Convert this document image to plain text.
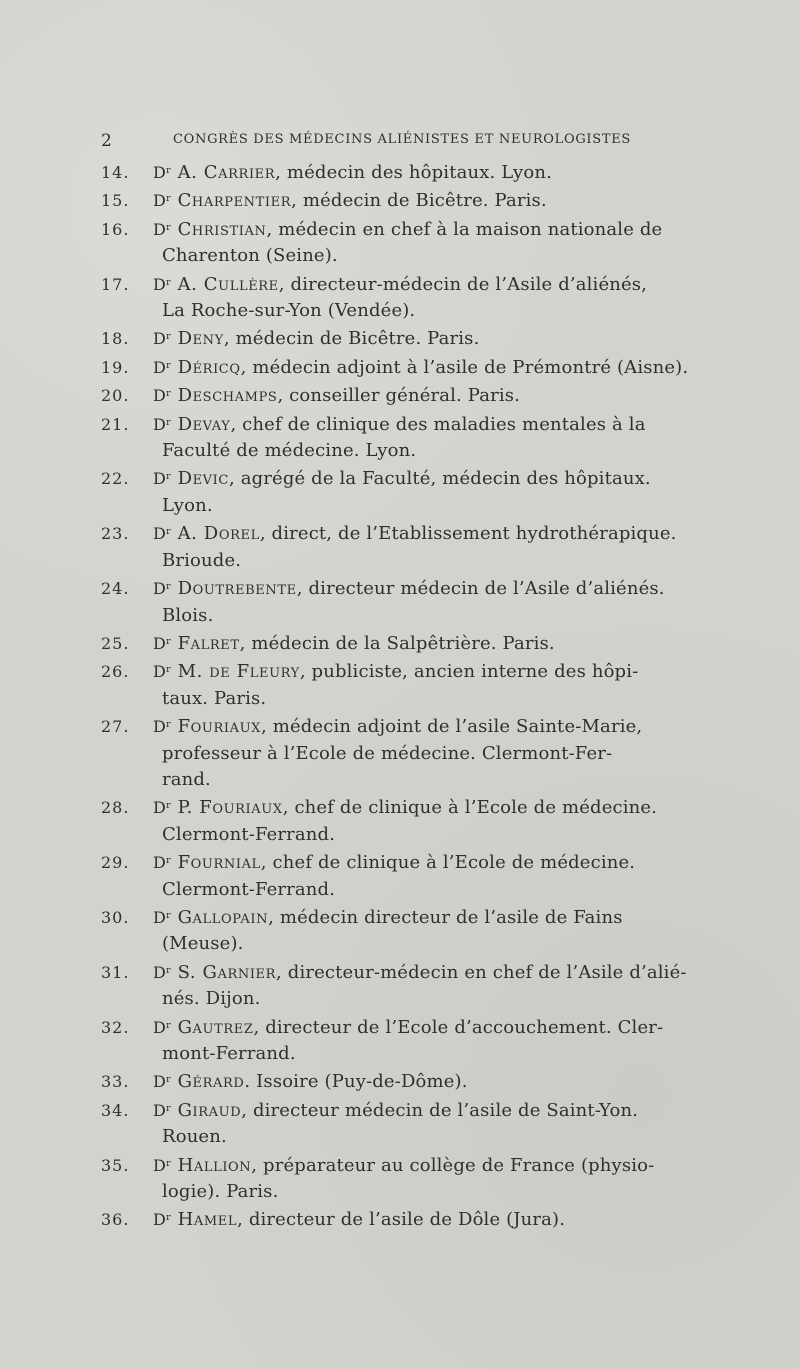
2	CONGRÈS DES MÉDECINS ALIÉNISTES ET NEUROLOGISTES
14.	Dʳ A. Carrier, médecin des hôpitaux. Lyon.
15.	Dʳ Charpentier, médecin de Bicêtre. Paris.
16.	Dʳ Christian, médecin en chef à la maison nationale de
Charenton (Seine).
17.	Dʳ A. Cullère, directeur-médecin de l’Asile d’aliénés,
La Roche-sur-Yon (Vendée).
18.	Dʳ Deny, médecin de Bicêtre. Paris.
19.	Dʳ Déricq, médecin adjoint à l’asile de Prémontré (Aisne).
20.	Dʳ Deschamps, conseiller général. Paris.
21.	Dʳ Devay, chef de clinique des maladies mentales à la
Faculté de médecine. Lyon.
22.	Dʳ Devic, agrégé de la Faculté, médecin des hôpitaux.
Lyon.
23.	Dʳ A. Dorel, direct, de l’Etablissement hydrothérapique.
Brioude.
24.	Dʳ Doutrebente, directeur médecin de l’Asile d’aliénés.
Blois.
25.	Dʳ Falret, médecin de la Salpêtrière. Paris.
26.	Dʳ M. de Fleury, publiciste, ancien interne des hôpi-
taux. Paris.
27.	Dʳ Fouriaux, médecin adjoint de l’asile Sainte-Marie,
professeur à l’Ecole de médecine. Clermont-Fer-
rand.
28.	Dʳ P. Fouriaux, chef de clinique à l’Ecole de médecine.
Clermont-Ferrand.
29.	Dʳ Fournial, chef de clinique à l’Ecole de médecine.
Clermont-Ferrand.
30.	Dʳ Gallopain, médecin directeur de l’asile de Fains
(Meuse).
31.	Dʳ S. Garnier, directeur-médecin en chef de l’Asile d’alié-
nés. Dijon.
32.	Dʳ Gautrez, directeur de l’Ecole d’accouchement. Cler-
mont-Ferrand.
33.	Dʳ Gérard. Issoire (Puy-de-Dôme).
34.	Dʳ Giraud, directeur médecin de l’asile de Saint-Yon.
Rouen.
35.	Dʳ Hallion, préparateur au collège de France (physio-
logie). Paris.
36.	Dʳ Hamel, directeur de l’asile de Dôle (Jura).
